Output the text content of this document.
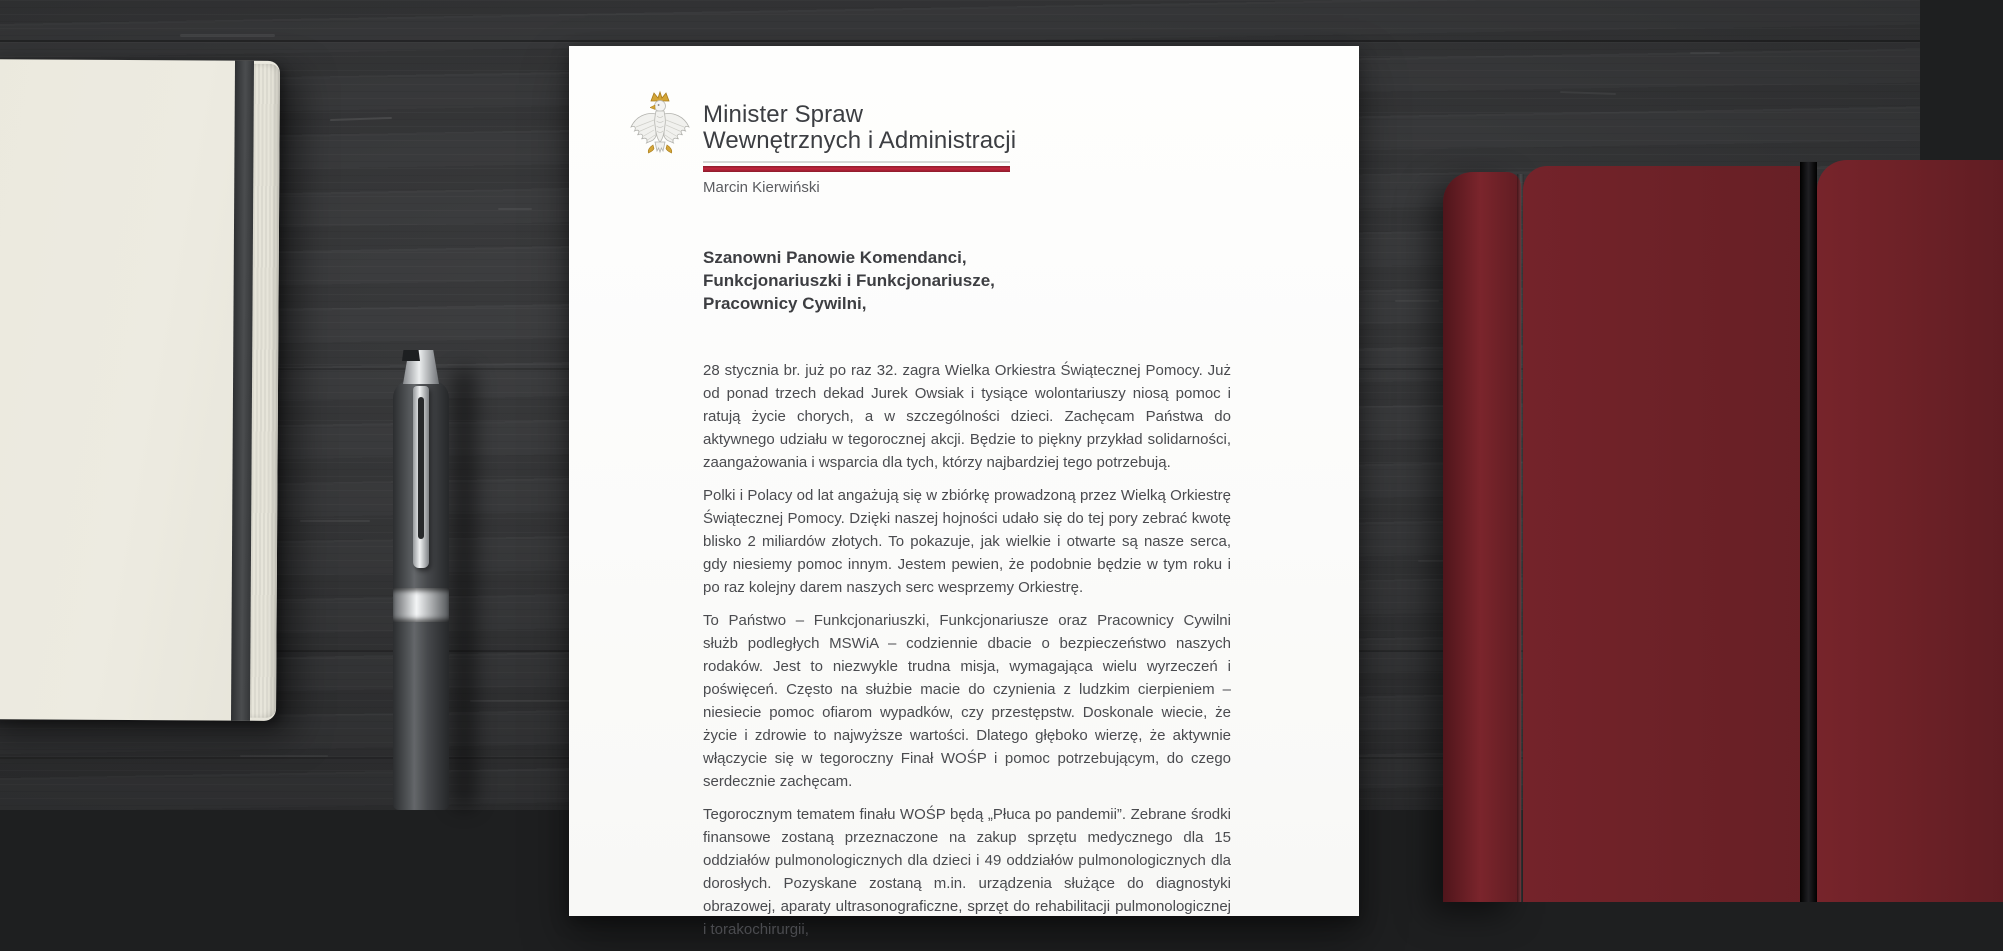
Minister Spraw
Wewnętrznych i Administracji
Marcin Kierwiński
Szanowni Panowie Komendanci,
Funkcjonariuszki i Funkcjonariusze,
Pracownicy Cywilni,

28 stycznia br. już po raz 32. zagra Wielka Orkiestra Świątecznej Pomocy. Już od ponad trzech dekad Jurek Owsiak i tysiące wolontariuszy niosą pomoc i ratują życie chorych, a w szczególności dzieci. Zachęcam Państwa do aktywnego udziału w tegorocznej akcji. Będzie to piękny przykład solidarności, zaangażowania i wsparcia dla tych, którzy najbardziej tego potrzebują.

Polki i Polacy od lat angażują się w zbiórkę prowadzoną przez Wielką Orkiestrę Świątecznej Pomocy. Dzięki naszej hojności udało się do tej pory zebrać kwotę blisko 2 miliardów złotych. To pokazuje, jak wielkie i otwarte są nasze serca, gdy niesiemy pomoc innym. Jestem pewien, że podobnie będzie w tym roku i po raz kolejny darem naszych serc wesprzemy Orkiestrę.

To Państwo – Funkcjonariuszki, Funkcjonariusze oraz Pracownicy Cywilni służb podległych MSWiA – codziennie dbacie o bezpieczeństwo naszych rodaków. Jest to niezwykle trudna misja, wymagająca wielu wyrzeczeń i poświęceń. Często na służbie macie do czynienia z ludzkim cierpieniem – niesiecie pomoc ofiarom wypadków, czy przestępstw. Doskonale wiecie, że życie i zdrowie to najwyższe wartości. Dlatego głęboko wierzę, że aktywnie włączycie się w tegoroczny Finał WOŚP i pomoc potrzebującym, do czego serdecznie zachęcam.

Tegorocznym tematem finału WOŚP będą „Płuca po pandemii”. Zebrane środki finansowe zostaną przeznaczone na zakup sprzętu medycznego dla 15 oddziałów pulmonologicznych dla dzieci i 49 oddziałów pulmonologicznych dla dorosłych. Pozyskane zostaną m.in. urządzenia służące do diagnostyki obrazowej, aparaty ultrasonograficzne, sprzęt do rehabilitacji pulmonologicznej i torakochirurgii,
